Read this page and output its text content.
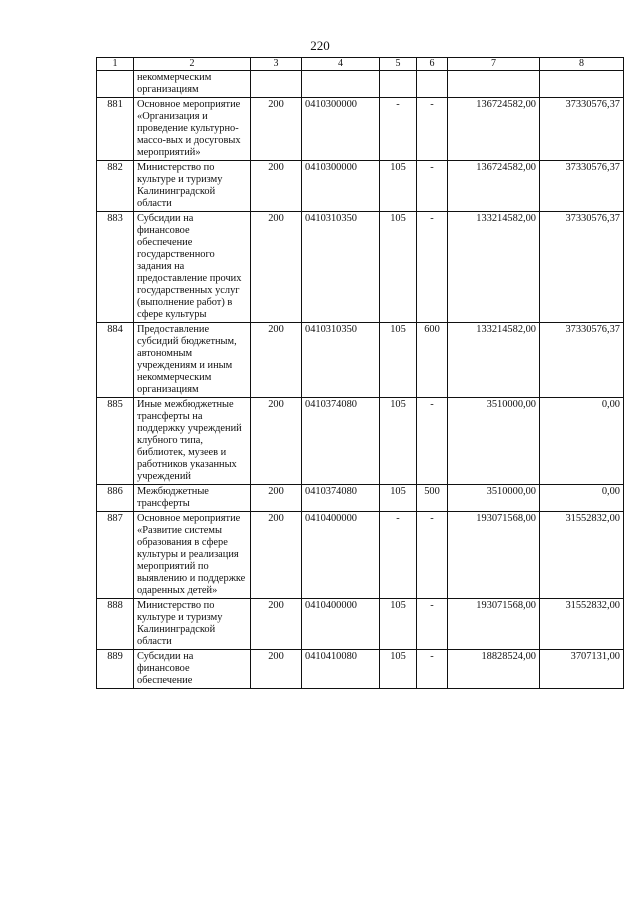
220
1	2	3	4	5	6	7	8
	некоммерческим организациям						
881	Основное мероприятие «Организация и проведение культурно-массо-вых и досуговых мероприятий»	200	0410300000	-	-	136724582,00	37330576,37
882	Министерство по культуре и туризму Калининградской области	200	0410300000	105	-	136724582,00	37330576,37
883	Субсидии на финансовое обеспечение государственного задания на предоставление прочих государственных услуг (выполнение работ) в сфере культуры	200	0410310350	105	-	133214582,00	37330576,37
884	Предоставление субсидий бюджетным, автономным учреждениям и иным некоммерческим организациям	200	0410310350	105	600	133214582,00	37330576,37
885	Иные межбюджетные трансферты на поддержку учреждений клубного типа, библиотек, музеев и работников указанных учреждений	200	0410374080	105	-	3510000,00	0,00
886	Межбюджетные трансферты	200	0410374080	105	500	3510000,00	0,00
887	Основное мероприятие «Развитие системы образования в сфере культуры и реализация мероприятий по выявлению и поддержке одаренных детей»	200	0410400000	-	-	193071568,00	31552832,00
888	Министерство по культуре и туризму Калининградской области	200	0410400000	105	-	193071568,00	31552832,00
889	Субсидии на финансовое обеспечение	200	0410410080	105	-	18828524,00	3707131,00
